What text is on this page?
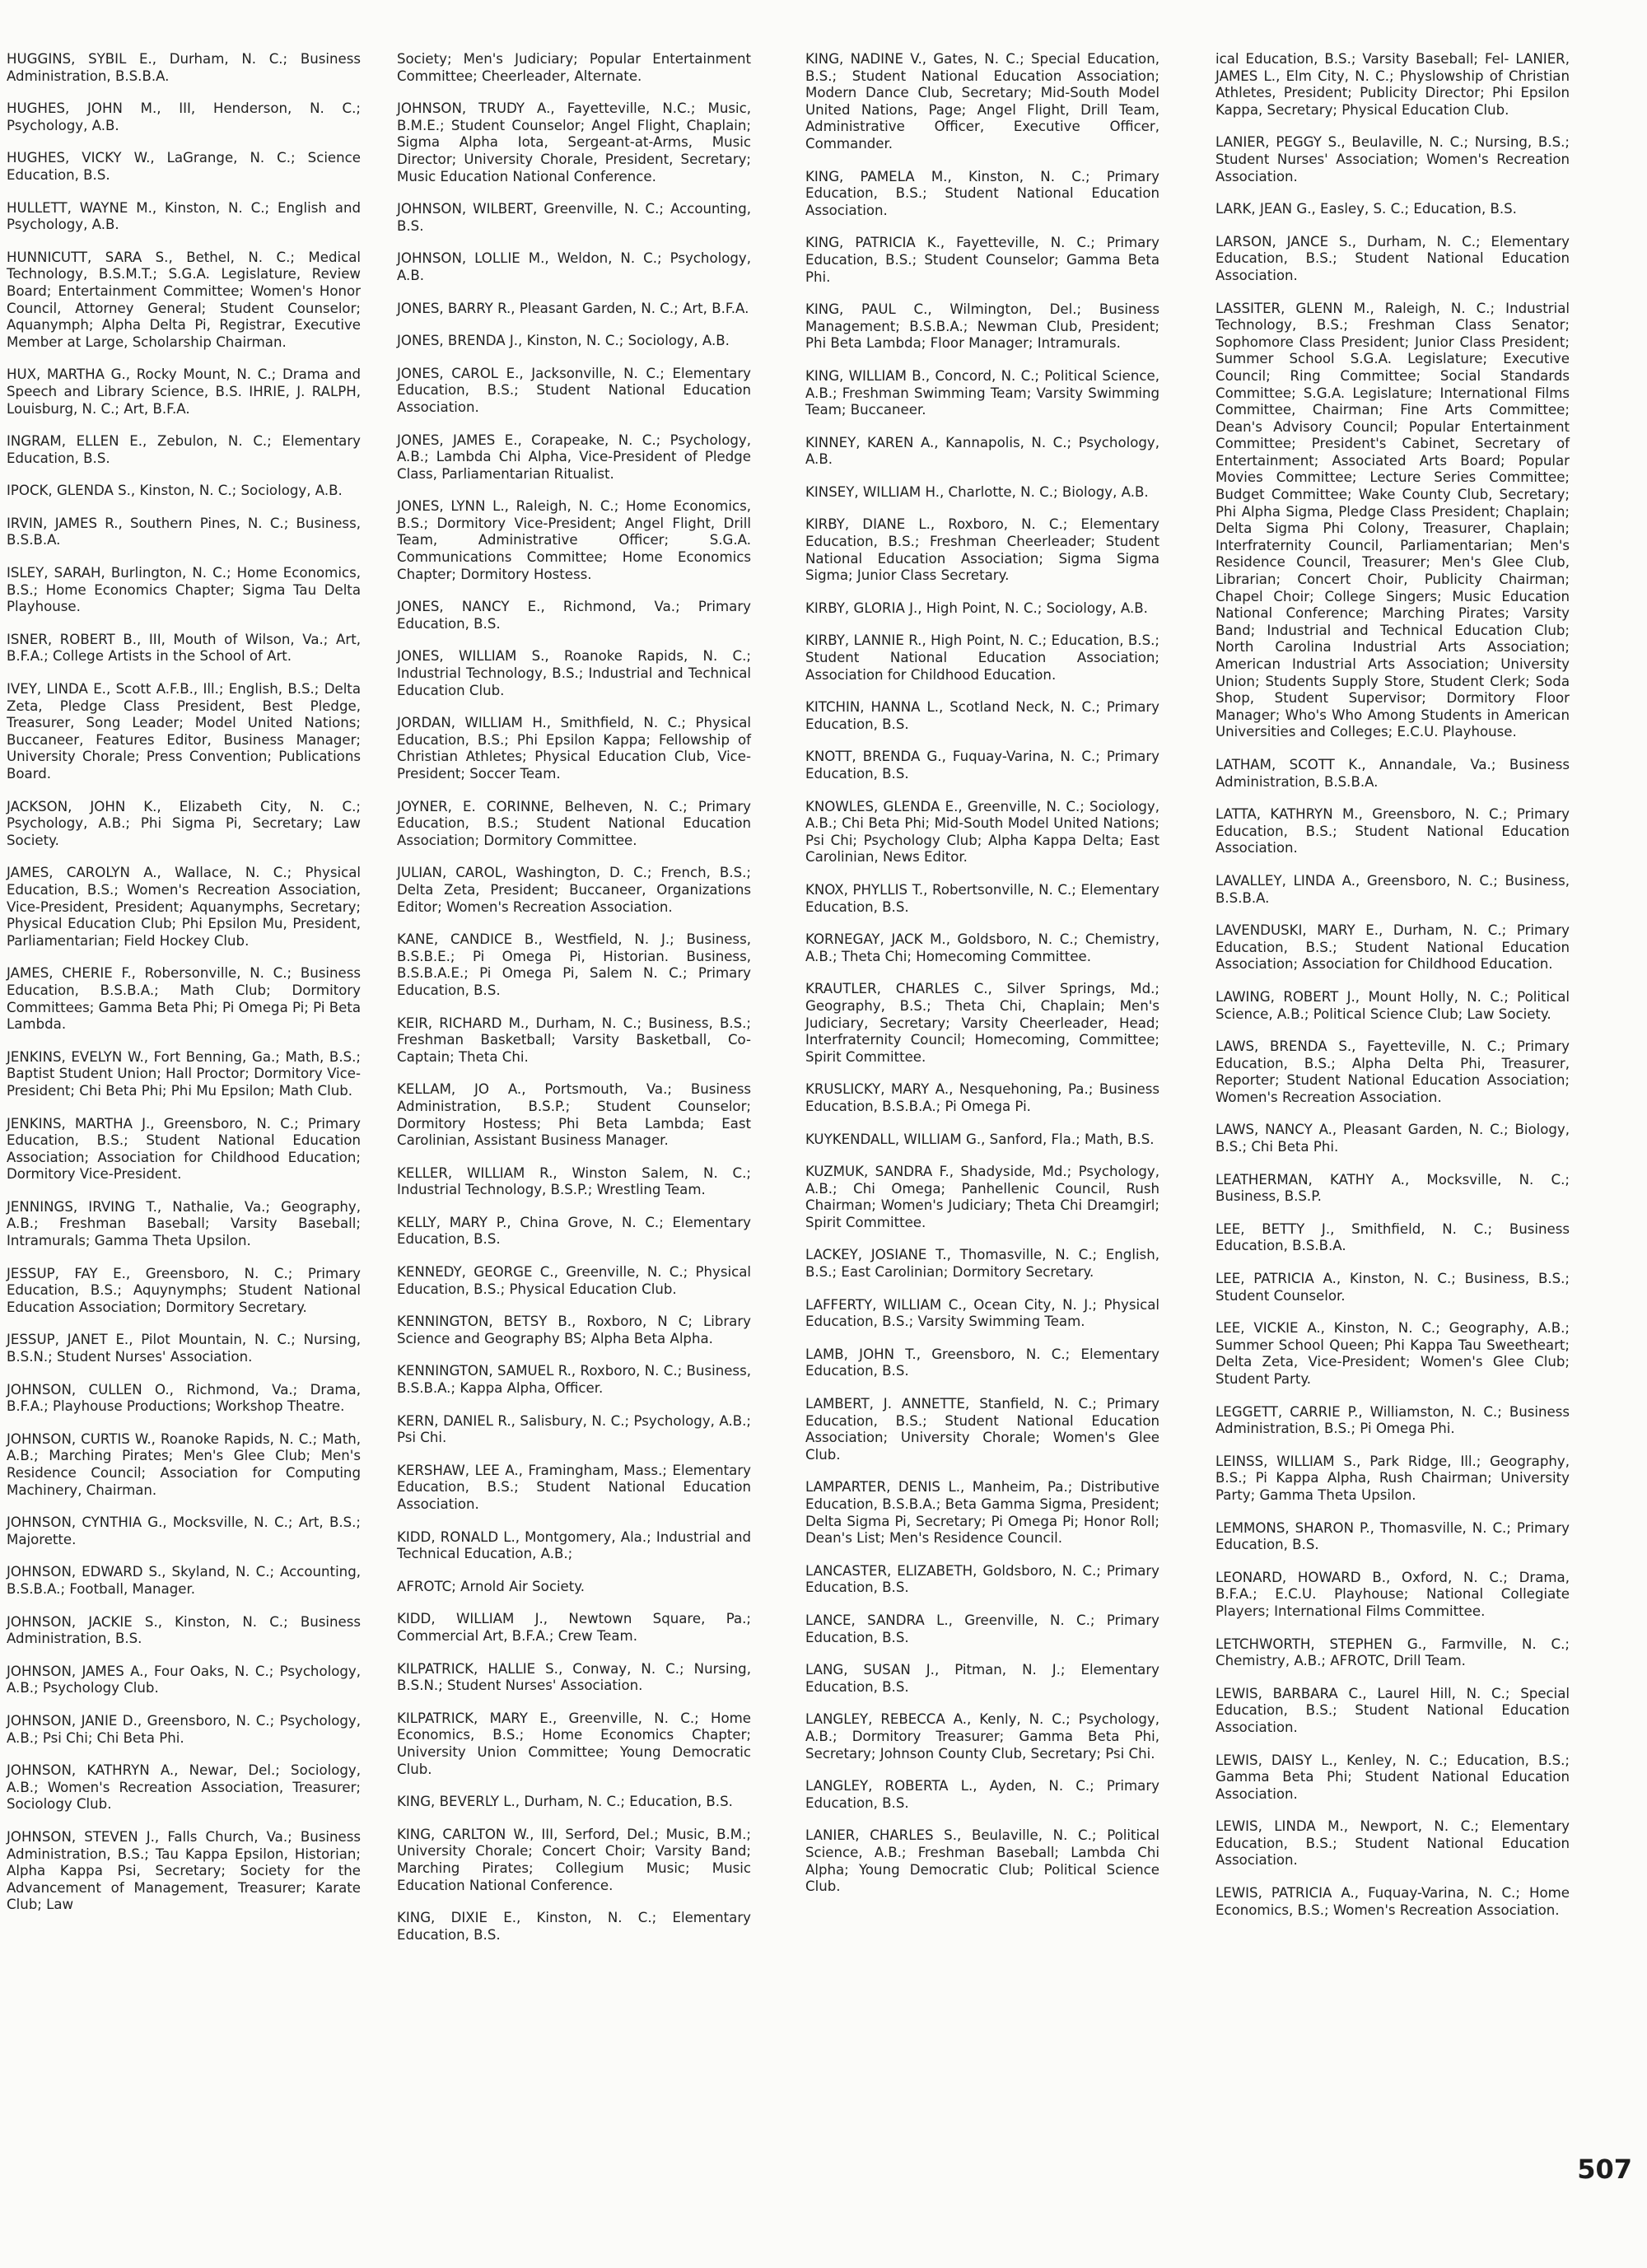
HUGGINS, SYBIL E., Durham, N. C.; Business Administration, B.S.B.A.
HUGHES, JOHN M., III, Henderson, N. C.; Psychology, A.B.
HUGHES, VICKY W., LaGrange, N. C.; Science Education, B.S.
HULLETT, WAYNE M., Kinston, N. C.; English and Psychology, A.B.
HUNNICUTT, SARA S., Bethel, N. C.; Medical Technology, B.S.M.T.; S.G.A. Legislature, Review Board; Entertainment Committee; Women's Honor Council, Attorney General; Student Counselor; Aquanymph; Alpha Delta Pi, Registrar, Executive Member at Large, Scholarship Chairman.
HUX, MARTHA G., Rocky Mount, N. C.; Drama and Speech and Library Science, B.S. IHRIE, J. RALPH, Louisburg, N. C.; Art, B.F.A.
INGRAM, ELLEN E., Zebulon, N. C.; Elementary Education, B.S.
IPOCK, GLENDA S., Kinston, N. C.; Sociology, A.B.
IRVIN, JAMES R., Southern Pines, N. C.; Business, B.S.B.A.
ISLEY, SARAH, Burlington, N. C.; Home Economics, B.S.; Home Economics Chapter; Sigma Tau Delta Playhouse.
ISNER, ROBERT B., III, Mouth of Wilson, Va.; Art, B.F.A.; College Artists in the School of Art.
IVEY, LINDA E., Scott A.F.B., Ill.; English, B.S.; Delta Zeta, Pledge Class President, Best Pledge, Treasurer, Song Leader; Model United Nations; Buccaneer, Features Editor, Business Manager; University Chorale; Press Convention; Publications Board.
JACKSON, JOHN K., Elizabeth City, N. C.; Psychology, A.B.; Phi Sigma Pi, Secretary; Law Society.
JAMES, CAROLYN A., Wallace, N. C.; Physical Education, B.S.; Women's Recreation Association, Vice-President, President; Aquanymphs, Secretary; Physical Education Club; Phi Epsilon Mu, President, Parliamentarian; Field Hockey Club.
JAMES, CHERIE F., Robersonville, N. C.; Business Education, B.S.B.A.; Math Club; Dormitory Committees; Gamma Beta Phi; Pi Omega Pi; Pi Beta Lambda.
JENKINS, EVELYN W., Fort Benning, Ga.; Math, B.S.; Baptist Student Union; Hall Proctor; Dormitory Vice-President; Chi Beta Phi; Phi Mu Epsilon; Math Club.
JENKINS, MARTHA J., Greensboro, N. C.; Primary Education, B.S.; Student National Education Association; Association for Childhood Education; Dormitory Vice-President.
JENNINGS, IRVING T., Nathalie, Va.; Geography, A.B.; Freshman Baseball; Varsity Baseball; Intramurals; Gamma Theta Upsilon.
JESSUP, FAY E., Greensboro, N. C.; Primary Education, B.S.; Aquynymphs; Student National Education Association; Dormitory Secretary.
JESSUP, JANET E., Pilot Mountain, N. C.; Nursing, B.S.N.; Student Nurses' Association.
JOHNSON, CULLEN O., Richmond, Va.; Drama, B.F.A.; Playhouse Productions; Workshop Theatre.
JOHNSON, CURTIS W., Roanoke Rapids, N. C.; Math, A.B.; Marching Pirates; Men's Glee Club; Men's Residence Council; Association for Computing Machinery, Chairman.
JOHNSON, CYNTHIA G., Mocksville, N. C.; Art, B.S.; Majorette.
JOHNSON, EDWARD S., Skyland, N. C.; Accounting, B.S.B.A.; Football, Manager.
JOHNSON, JACKIE S., Kinston, N. C.; Business Administration, B.S.
JOHNSON, JAMES A., Four Oaks, N. C.; Psychology, A.B.; Psychology Club.
JOHNSON, JANIE D., Greensboro, N. C.; Psychology, A.B.; Psi Chi; Chi Beta Phi.
JOHNSON, KATHRYN A., Newar, Del.; Sociology, A.B.; Women's Recreation Association, Treasurer; Sociology Club.
JOHNSON, STEVEN J., Falls Church, Va.; Business Administration, B.S.; Tau Kappa Epsilon, Historian; Alpha Kappa Psi, Secretary; Society for the Advancement of Management, Treasurer; Karate Club; Law
Society; Men's Judiciary; Popular Entertainment Committee; Cheerleader, Alternate.
JOHNSON, TRUDY A., Fayetteville, N.C.; Music, B.M.E.; Student Counselor; Angel Flight, Chaplain; Sigma Alpha Iota, Sergeant-at-Arms, Music Director; University Chorale, President, Secretary; Music Education National Conference.
JOHNSON, WILBERT, Greenville, N. C.; Accounting, B.S.
JOHNSON, LOLLIE M., Weldon, N. C.; Psychology, A.B.
JONES, BARRY R., Pleasant Garden, N. C.; Art, B.F.A.
JONES, BRENDA J., Kinston, N. C.; Sociology, A.B.
JONES, CAROL E., Jacksonville, N. C.; Elementary Education, B.S.; Student National Education Association.
JONES, JAMES E., Corapeake, N. C.; Psychology, A.B.; Lambda Chi Alpha, Vice-President of Pledge Class, Parliamentarian Ritualist.
JONES, LYNN L., Raleigh, N. C.; Home Economics, B.S.; Dormitory Vice-President; Angel Flight, Drill Team, Administrative Officer; S.G.A. Communications Committee; Home Economics Chapter; Dormitory Hostess.
JONES, NANCY E., Richmond, Va.; Primary Education, B.S.
JONES, WILLIAM S., Roanoke Rapids, N. C.; Industrial Technology, B.S.; Industrial and Technical Education Club.
JORDAN, WILLIAM H., Smithfield, N. C.; Physical Education, B.S.; Phi Epsilon Kappa; Fellowship of Christian Athletes; Physical Education Club, Vice-President; Soccer Team.
JOYNER, E. CORINNE, Belheven, N. C.; Primary Education, B.S.; Student National Education Association; Dormitory Committee.
JULIAN, CAROL, Washington, D. C.; French, B.S.; Delta Zeta, President; Buccaneer, Organizations Editor; Women's Recreation Association.
KANE, CANDICE B., Westfield, N. J.; Business, B.S.B.E.; Pi Omega Pi, Historian. Business, B.S.B.A.E.; Pi Omega Pi, Salem N. C.; Primary Education, B.S.
KEIR, RICHARD M., Durham, N. C.; Business, B.S.; Freshman Basketball; Varsity Basketball, Co-Captain; Theta Chi.
KELLAM, JO A., Portsmouth, Va.; Business Administration, B.S.P.; Student Counselor; Dormitory Hostess; Phi Beta Lambda; East Carolinian, Assistant Business Manager.
KELLER, WILLIAM R., Winston Salem, N. C.; Industrial Technology, B.S.P.; Wrestling Team.
KELLY, MARY P., China Grove, N. C.; Elementary Education, B.S.
KENNEDY, GEORGE C., Greenville, N. C.; Physical Education, B.S.; Physical Education Club.
KENNINGTON, BETSY B., Roxboro, N C; Library Science and Geography BS; Alpha Beta Alpha.
KENNINGTON, SAMUEL R., Roxboro, N. C.; Business, B.S.B.A.; Kappa Alpha, Officer.
KERN, DANIEL R., Salisbury, N. C.; Psychology, A.B.; Psi Chi.
KERSHAW, LEE A., Framingham, Mass.; Elementary Education, B.S.; Student National Education Association.
KIDD, RONALD L., Montgomery, Ala.; Industrial and Technical Education, A.B.;
AFROTC; Arnold Air Society.
KIDD, WILLIAM J., Newtown Square, Pa.; Commercial Art, B.F.A.; Crew Team.
KILPATRICK, HALLIE S., Conway, N. C.; Nursing, B.S.N.; Student Nurses' Association.
KILPATRICK, MARY E., Greenville, N. C.; Home Economics, B.S.; Home Economics Chapter; University Union Committee; Young Democratic Club.
KING, BEVERLY L., Durham, N. C.; Education, B.S.
KING, CARLTON W., III, Serford, Del.; Music, B.M.; University Chorale; Concert Choir; Varsity Band; Marching Pirates; Collegium Music; Music Education National Conference.
KING, DIXIE E., Kinston, N. C.; Elementary Education, B.S.
KING, NADINE V., Gates, N. C.; Special Education, B.S.; Student National Education Association; Modern Dance Club, Secretary; Mid-South Model United Nations, Page; Angel Flight, Drill Team, Administrative Officer, Executive Officer, Commander.
KING, PAMELA M., Kinston, N. C.; Primary Education, B.S.; Student National Education Association.
KING, PATRICIA K., Fayetteville, N. C.; Primary Education, B.S.; Student Counselor; Gamma Beta Phi.
KING, PAUL C., Wilmington, Del.; Business Management; B.S.B.A.; Newman Club, President; Phi Beta Lambda; Floor Manager; Intramurals.
KING, WILLIAM B., Concord, N. C.; Political Science, A.B.; Freshman Swimming Team; Varsity Swimming Team; Buccaneer.
KINNEY, KAREN A., Kannapolis, N. C.; Psychology, A.B.
KINSEY, WILLIAM H., Charlotte, N. C.; Biology, A.B.
KIRBY, DIANE L., Roxboro, N. C.; Elementary Education, B.S.; Freshman Cheerleader; Student National Education Association; Sigma Sigma Sigma; Junior Class Secretary.
KIRBY, GLORIA J., High Point, N. C.; Sociology, A.B.
KIRBY, LANNIE R., High Point, N. C.; Education, B.S.; Student National Education Association; Association for Childhood Education.
KITCHIN, HANNA L., Scotland Neck, N. C.; Primary Education, B.S.
KNOTT, BRENDA G., Fuquay-Varina, N. C.; Primary Education, B.S.
KNOWLES, GLENDA E., Greenville, N. C.; Sociology, A.B.; Chi Beta Phi; Mid-South Model United Nations; Psi Chi; Psychology Club; Alpha Kappa Delta; East Carolinian, News Editor.
KNOX, PHYLLIS T., Robertsonville, N. C.; Elementary Education, B.S.
KORNEGAY, JACK M., Goldsboro, N. C.; Chemistry, A.B.; Theta Chi; Homecoming Committee.
KRAUTLER, CHARLES C., Silver Springs, Md.; Geography, B.S.; Theta Chi, Chaplain; Men's Judiciary, Secretary; Varsity Cheerleader, Head; Interfraternity Council; Homecoming, Committee; Spirit Committee.
KRUSLICKY, MARY A., Nesquehoning, Pa.; Business Education, B.S.B.A.; Pi Omega Pi.
KUYKENDALL, WILLIAM G., Sanford, Fla.; Math, B.S.
KUZMUK, SANDRA F., Shadyside, Md.; Psychology, A.B.; Chi Omega; Panhellenic Council, Rush Chairman; Women's Judiciary; Theta Chi Dreamgirl; Spirit Committee.
LACKEY, JOSIANE T., Thomasville, N. C.; English, B.S.; East Carolinian; Dormitory Secretary.
LAFFERTY, WILLIAM C., Ocean City, N. J.; Physical Education, B.S.; Varsity Swimming Team.
LAMB, JOHN T., Greensboro, N. C.; Elementary Education, B.S.
LAMBERT, J. ANNETTE, Stanfield, N. C.; Primary Education, B.S.; Student National Education Association; University Chorale; Women's Glee Club.
LAMPARTER, DENIS L., Manheim, Pa.; Distributive Education, B.S.B.A.; Beta Gamma Sigma, President; Delta Sigma Pi, Secretary; Pi Omega Pi; Honor Roll; Dean's List; Men's Residence Council.
LANCASTER, ELIZABETH, Goldsboro, N. C.; Primary Education, B.S.
LANCE, SANDRA L., Greenville, N. C.; Primary Education, B.S.
LANG, SUSAN J., Pitman, N. J.; Elementary Education, B.S.
LANGLEY, REBECCA A., Kenly, N. C.; Psychology, A.B.; Dormitory Treasurer; Gamma Beta Phi, Secretary; Johnson County Club, Secretary; Psi Chi.
LANGLEY, ROBERTA L., Ayden, N. C.; Primary Education, B.S.
LANIER, CHARLES S., Beulaville, N. C.; Political Science, A.B.; Freshman Baseball; Lambda Chi Alpha; Young Democratic Club; Political Science Club.
ical Education, B.S.; Varsity Baseball; Fel- LANIER, JAMES L., Elm City, N. C.; Physlowship of Christian Athletes, President; Publicity Director; Phi Epsilon Kappa, Secretary; Physical Education Club.
LANIER, PEGGY S., Beulaville, N. C.; Nursing, B.S.; Student Nurses' Association; Women's Recreation Association.
LARK, JEAN G., Easley, S. C.; Education, B.S.
LARSON, JANCE S., Durham, N. C.; Elementary Education, B.S.; Student National Education Association.
LASSITER, GLENN M., Raleigh, N. C.; Industrial Technology, B.S.; Freshman Class Senator; Sophomore Class President; Junior Class President; Summer School S.G.A. Legislature; Executive Council; Ring Committee; Social Standards Committee; S.G.A. Legislature; International Films Committee, Chairman; Fine Arts Committee; Dean's Advisory Council; Popular Entertainment Committee; President's Cabinet, Secretary of Entertainment; Associated Arts Board; Popular Movies Committee; Lecture Series Committee; Budget Committee; Wake County Club, Secretary; Phi Alpha Sigma, Pledge Class President; Chaplain; Delta Sigma Phi Colony, Treasurer, Chaplain; Interfraternity Council, Parliamentarian; Men's Residence Council, Treasurer; Men's Glee Club, Librarian; Concert Choir, Publicity Chairman; Chapel Choir; College Singers; Music Education National Conference; Marching Pirates; Varsity Band; Industrial and Technical Education Club; North Carolina Industrial Arts Association; American Industrial Arts Association; University Union; Students Supply Store, Student Clerk; Soda Shop, Student Supervisor; Dormitory Floor Manager; Who's Who Among Students in American Universities and Colleges; E.C.U. Playhouse.
LATHAM, SCOTT K., Annandale, Va.; Business Administration, B.S.B.A.
LATTA, KATHRYN M., Greensboro, N. C.; Primary Education, B.S.; Student National Education Association.
LAVALLEY, LINDA A., Greensboro, N. C.; Business, B.S.B.A.
LAVENDUSKI, MARY E., Durham, N. C.; Primary Education, B.S.; Student National Education Association; Association for Childhood Education.
LAWING, ROBERT J., Mount Holly, N. C.; Political Science, A.B.; Political Science Club; Law Society.
LAWS, BRENDA S., Fayetteville, N. C.; Primary Education, B.S.; Alpha Delta Phi, Treasurer, Reporter; Student National Education Association; Women's Recreation Association.
LAWS, NANCY A., Pleasant Garden, N. C.; Biology, B.S.; Chi Beta Phi.
LEATHERMAN, KATHY A., Mocksville, N. C.; Business, B.S.P.
LEE, BETTY J., Smithfield, N. C.; Business Education, B.S.B.A.
LEE, PATRICIA A., Kinston, N. C.; Business, B.S.; Student Counselor.
LEE, VICKIE A., Kinston, N. C.; Geography, A.B.; Summer School Queen; Phi Kappa Tau Sweetheart; Delta Zeta, Vice-President; Women's Glee Club; Student Party.
LEGGETT, CARRIE P., Williamston, N. C.; Business Administration, B.S.; Pi Omega Phi.
LEINSS, WILLIAM S., Park Ridge, Ill.; Geography, B.S.; Pi Kappa Alpha, Rush Chairman; University Party; Gamma Theta Upsilon.
LEMMONS, SHARON P., Thomasville, N. C.; Primary Education, B.S.
LEONARD, HOWARD B., Oxford, N. C.; Drama, B.F.A.; E.C.U. Playhouse; National Collegiate Players; International Films Committee.
LETCHWORTH, STEPHEN G., Farmville, N. C.; Chemistry, A.B.; AFROTC, Drill Team.
LEWIS, BARBARA C., Laurel Hill, N. C.; Special Education, B.S.; Student National Education Association.
LEWIS, DAISY L., Kenley, N. C.; Education, B.S.; Gamma Beta Phi; Student National Education Association.
LEWIS, LINDA M., Newport, N. C.; Elementary Education, B.S.; Student National Education Association.
LEWIS, PATRICIA A., Fuquay-Varina, N. C.; Home Economics, B.S.; Women's Recreation Association.
507
